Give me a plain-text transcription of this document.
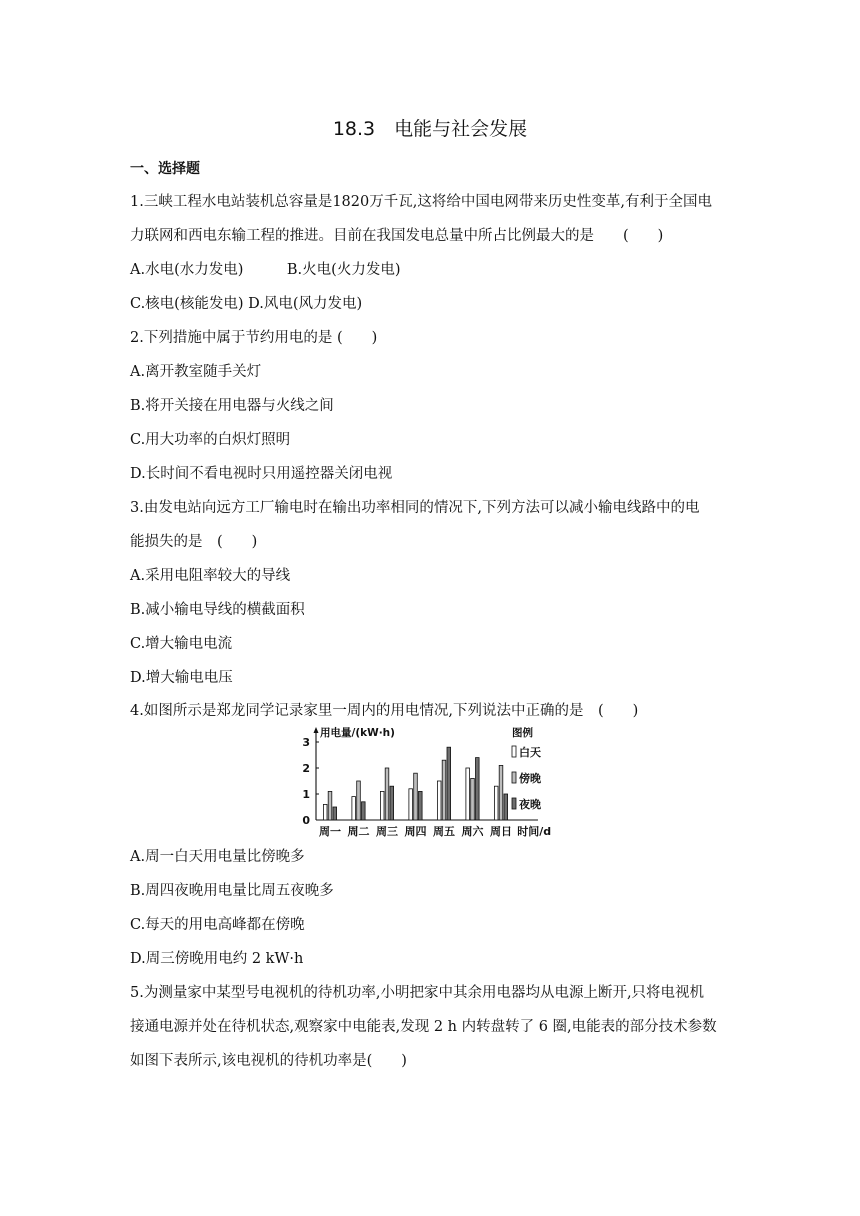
18.3　电能与社会发展
一、选择题
1.三峡工程水电站装机总容量是1820万千瓦,这将给中国电网带来历史性变革,有利于全国电
力联网和西电东输工程的推进。目前在我国发电总量中所占比例最大的是　　(　　)
A.水电(水力发电)　　　B.火电(火力发电)
C.核电(核能发电) D.风电(风力发电)
2.下列措施中属于节约用电的是 (　　)
A.离开教室随手关灯
B.将开关接在用电器与火线之间
C.用大功率的白炽灯照明
D.长时间不看电视时只用遥控器关闭电视
3.由发电站向远方工厂输电时在输出功率相同的情况下,下列方法可以减小输电线路中的电
能损失的是　(　　)
A.采用电阻率较大的导线
B.减小输电导线的横截面积
C.增大输电电流
D.增大输电电压
4.如图所示是郑龙同学记录家里一周内的用电情况,下列说法中正确的是　(　　)
0
1
2
3
用电量/(kW·h)
周一 周二 周三 周四 周五 周六 周日 时间/d
图例
白天
傍晚
夜晚
A.周一白天用电量比傍晚多
B.周四夜晚用电量比周五夜晚多
C.每天的用电高峰都在傍晚
D.周三傍晚用电约 2 kW·h
5.为测量家中某型号电视机的待机功率,小明把家中其余用电器均从电源上断开,只将电视机
接通电源并处在待机状态,观察家中电能表,发现 2 h 内转盘转了 6 圈,电能表的部分技术参数
如图下表所示,该电视机的待机功率是(　　)
